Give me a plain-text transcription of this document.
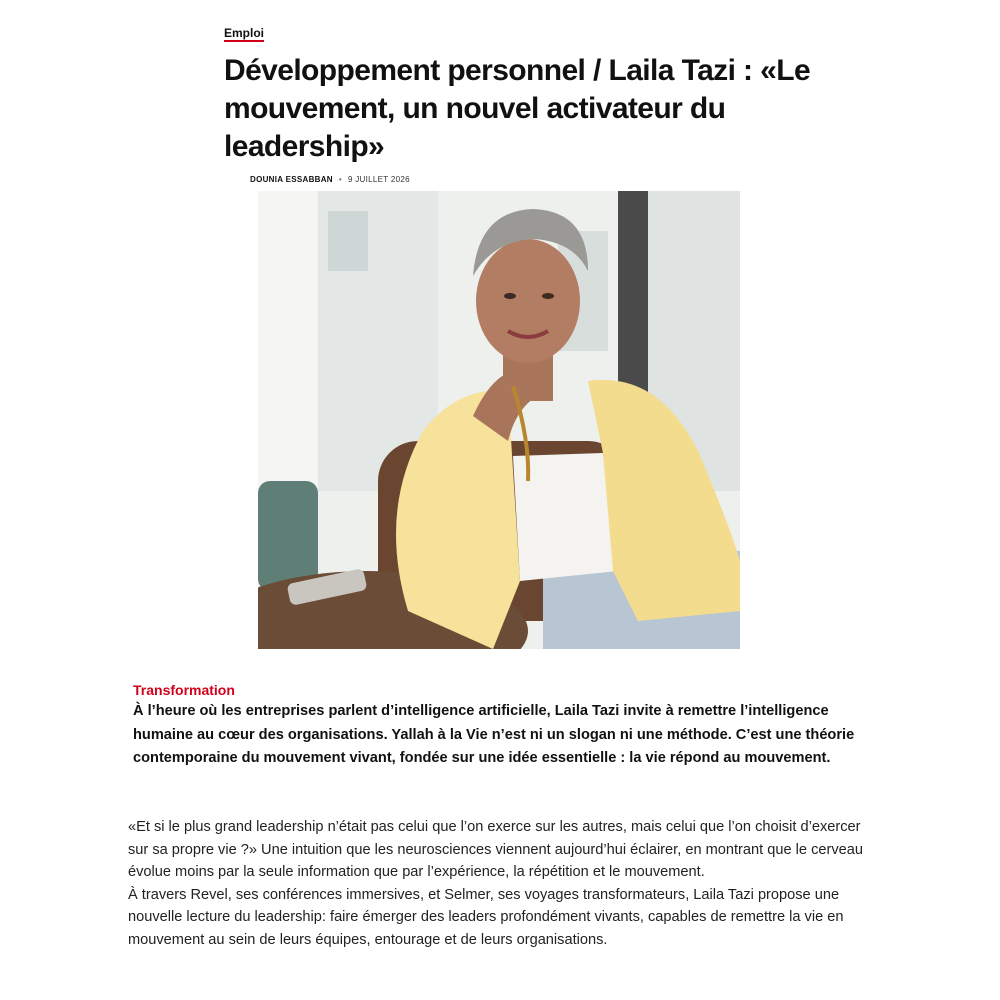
Emploi
Développement personnel / Laila Tazi : «Le mouvement, un nouvel activateur du leadership»
DOUNIA ESSABBAN • 9 JUILLET 2026
Transformation

À l’heure où les entreprises parlent d’intelligence artificielle, Laila Tazi invite à remettre l’intelligence humaine au cœur des organisations. Yallah à la Vie n’est ni un slogan ni une méthode. C’est une théorie contemporaine du mouvement vivant, fondée sur une idée essentielle : la vie répond au mouvement.

«Et si le plus grand leadership n’était pas celui que l’on exerce sur les autres, mais celui que l’on choisit d’exercer sur sa propre vie ?» Une intuition que les neurosciences viennent aujourd’hui éclairer, en montrant que le cerveau évolue moins par la seule information que par l’expérience, la répétition et le mouvement.

À travers Revel, ses conférences immersives, et Selmer, ses voyages transformateurs, Laila Tazi propose une nouvelle lecture du leadership: faire émerger des leaders profondément vivants, capables de remettre la vie en mouvement au sein de leurs équipes, entourage et de leurs organisations.
